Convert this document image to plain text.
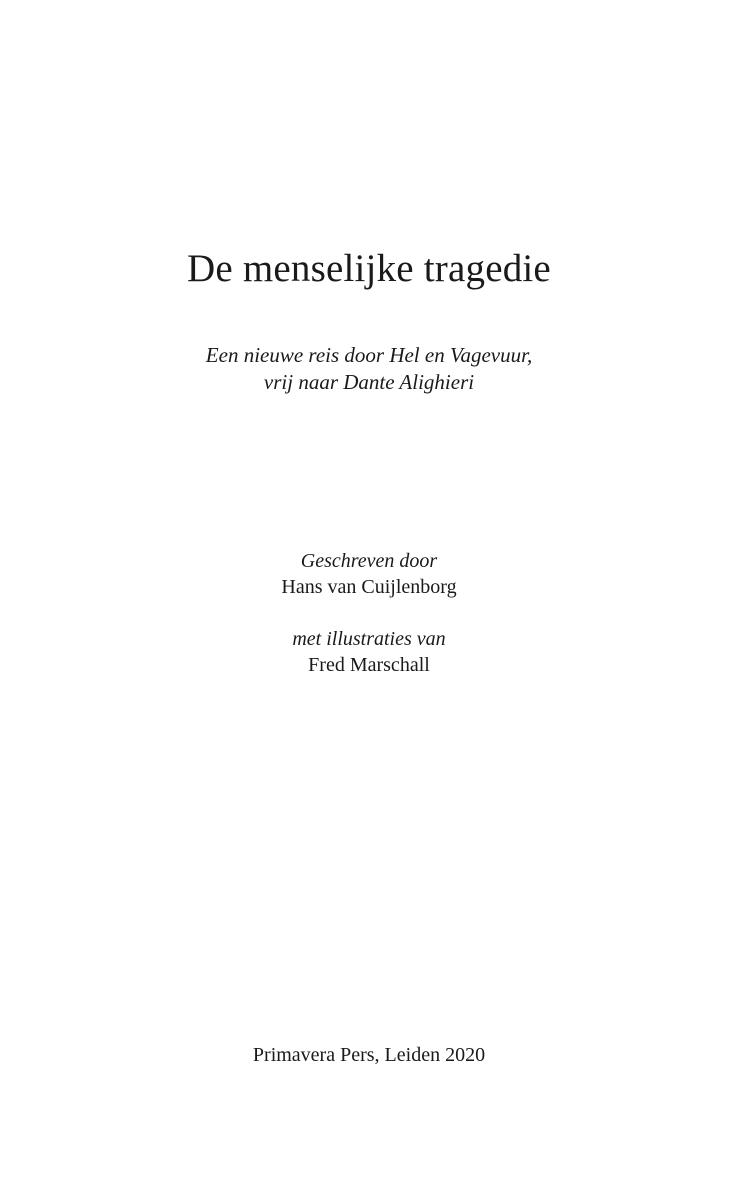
De menselijke tragedie
Een nieuwe reis door Hel en Vagevuur,
vrij naar Dante Alighieri
Geschreven door
Hans van Cuijlenborg
met illustraties van
Fred Marschall
Primavera Pers, Leiden 2020
